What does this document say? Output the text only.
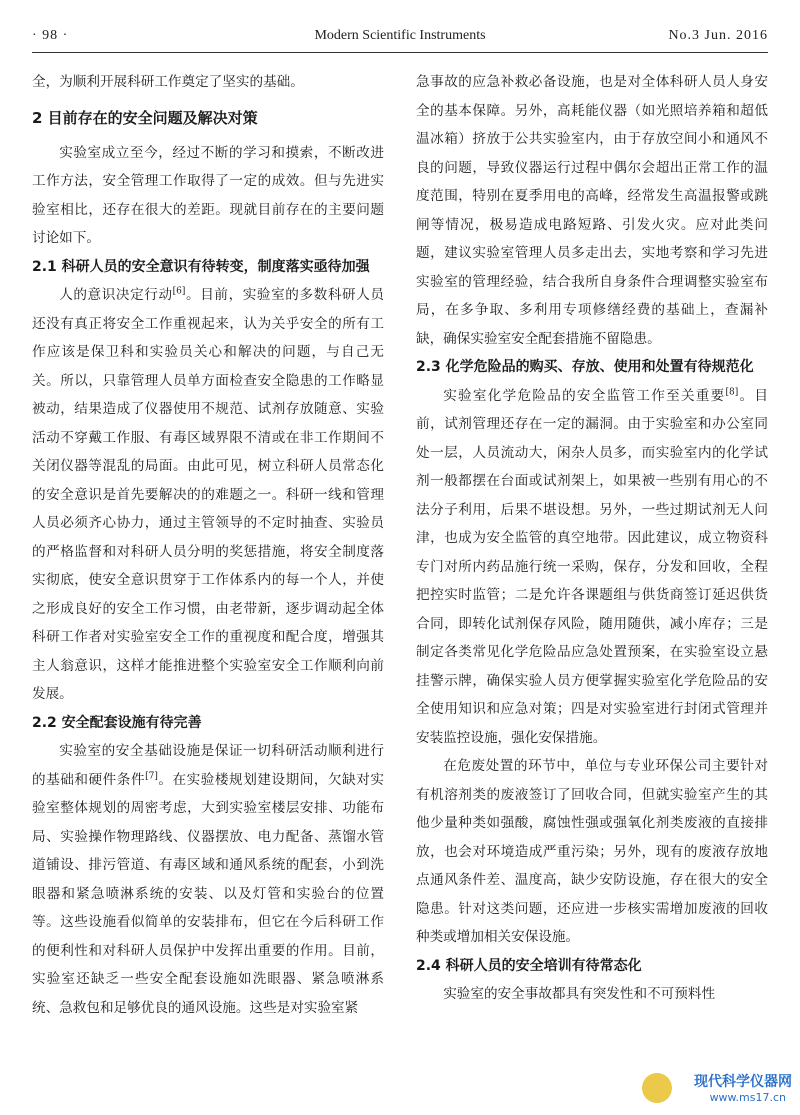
· 98 ·	Modern Scientific Instruments	No.3 Jun. 2016

全，为顺利开展科研工作奠定了坚实的基础。

2 目前存在的安全问题及解决对策

实验室成立至今，经过不断的学习和摸索，不断改进工作方法，安全管理工作取得了一定的成效。但与先进实验室相比，还存在很大的差距。现就目前存在的主要问题讨论如下。

2.1 科研人员的安全意识有待转变，制度落实亟待加强

人的意识决定行动[6]。目前，实验室的多数科研人员还没有真正将安全工作重视起来，认为关乎安全的所有工作应该是保卫科和实验员关心和解决的问题，与自己无关。所以，只靠管理人员单方面检查安全隐患的工作略显被动，结果造成了仪器使用不规范、试剂存放随意、实验活动不穿戴工作服、有毒区域界限不清或在非工作期间不关闭仪器等混乱的局面。由此可见，树立科研人员常态化的安全意识是首先要解决的的难题之一。科研一线和管理人员必须齐心协力，通过主管领导的不定时抽查、实验员的严格监督和对科研人员分明的奖惩措施，将安全制度落实彻底，使安全意识贯穿于工作体系内的每一个人，并使之形成良好的安全工作习惯，由老带新，逐步调动起全体科研工作者对实验室安全工作的重视度和配合度，增强其主人翁意识，这样才能推进整个实验室安全工作顺利向前发展。

2.2 安全配套设施有待完善

实验室的安全基础设施是保证一切科研活动顺利进行的基础和硬件条件[7]。在实验楼规划建设期间，欠缺对实验室整体规划的周密考虑，大到实验室楼层安排、功能布局、实验操作物理路线、仪器摆放、电力配备、蒸馏水管道铺设、排污管道、有毒区域和通风系统的配套，小到洗眼器和紧急喷淋系统的安装、以及灯管和实验台的位置等。这些设施看似简单的安装排布，但它在今后科研工作的便利性和对科研人员保护中发挥出重要的作用。目前，实验室还缺乏一些安全配套设施如洗眼器、紧急喷淋系统、急救包和足够优良的通风设施。这些是对实验室紧

急事故的应急补救必备设施，也是对全体科研人员人身安全的基本保障。另外，高耗能仪器（如光照培养箱和超低温冰箱）挤放于公共实验室内，由于存放空间小和通风不良的问题，导致仪器运行过程中偶尔会超出正常工作的温度范围，特别在夏季用电的高峰，经常发生高温报警或跳闸等情况，极易造成电路短路、引发火灾。应对此类问题，建议实验室管理人员多走出去，实地考察和学习先进实验室的管理经验，结合我所自身条件合理调整实验室布局，在多争取、多利用专项修缮经费的基础上，查漏补缺，确保实验室安全配套措施不留隐患。

2.3 化学危险品的购买、存放、使用和处置有待规范化

实验室化学危险品的安全监管工作至关重要[8]。目前，试剂管理还存在一定的漏洞。由于实验室和办公室同处一层，人员流动大，闲杂人员多，而实验室内的化学试剂一般都摆在台面或试剂架上，如果被一些别有用心的不法分子利用，后果不堪设想。另外，一些过期试剂无人问津，也成为安全监管的真空地带。因此建议，成立物资科专门对所内药品施行统一采购，保存，分发和回收，全程把控实时监管；二是允许各课题组与供货商签订延迟供货合同，即转化试剂保存风险，随用随供，减小库存；三是制定各类常见化学危险品应急处置预案，在实验室设立悬挂警示牌，确保实验人员方便掌握实验室化学危险品的安全使用知识和应急对策；四是对实验室进行封闭式管理并安装监控设施，强化安保措施。

在危废处置的环节中，单位与专业环保公司主要针对有机溶剂类的废液签订了回收合同，但就实验室产生的其他少量种类如强酸，腐蚀性强或强氧化剂类废液的直接排放，也会对环境造成严重污染；另外，现有的废液存放地点通风条件差、温度高，缺少安防设施，存在很大的安全隐患。针对这类问题，还应进一步核实需增加废液的回收种类或增加相关安保设施。

2.4 科研人员的安全培训有待常态化

实验室的安全事故都具有突发性和不可预料性

现代科学仪器网
www.ms17.cn
